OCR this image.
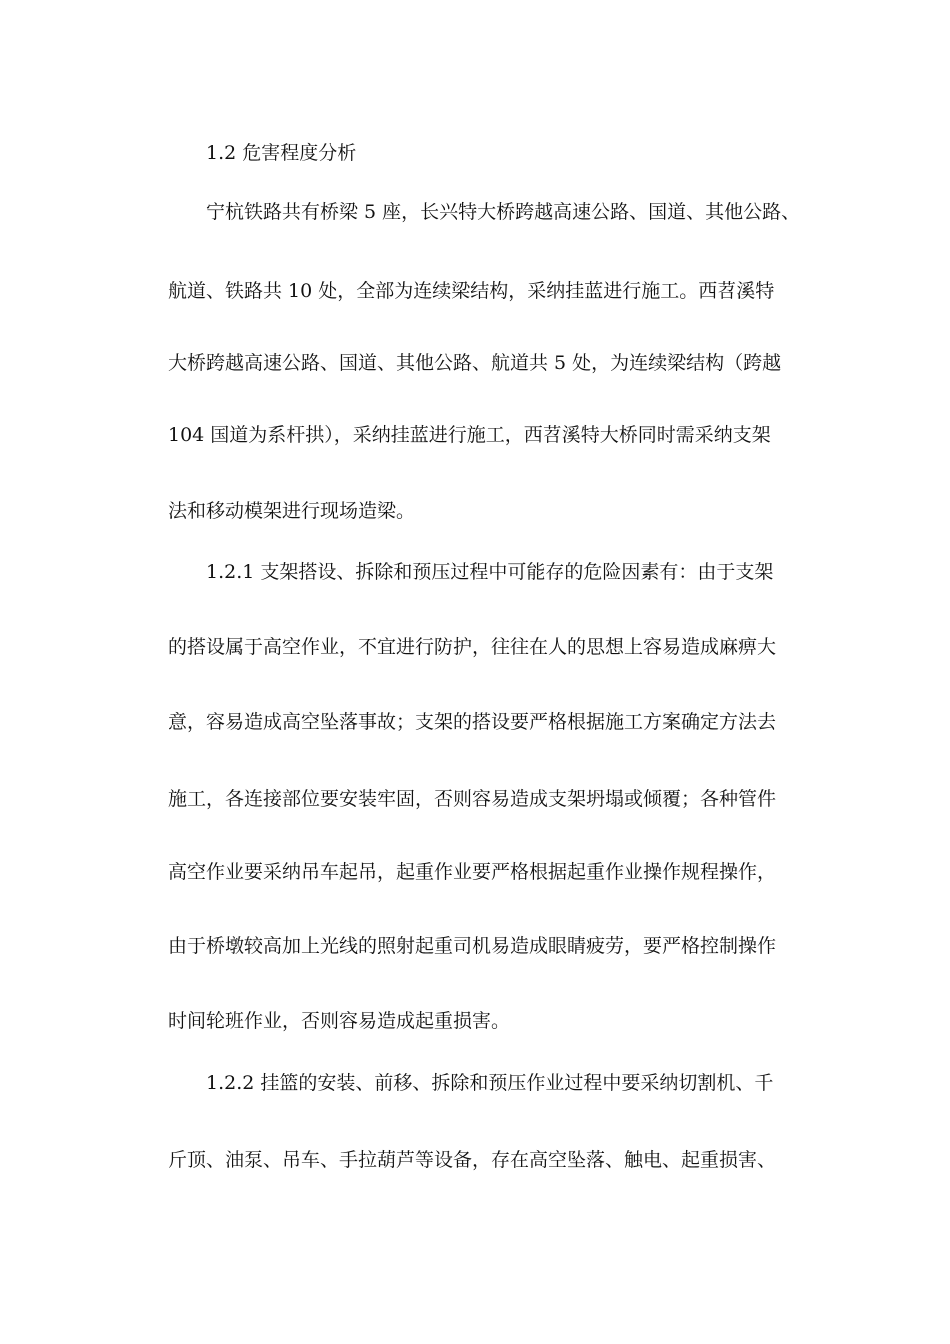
1.2 危害程度分析
宁杭铁路共有桥梁 5 座，长兴特大桥跨越高速公路、国道、其他公路、
航道、铁路共 10 处，全部为连续梁结构，采纳挂蓝进行施工。西苕溪特
大桥跨越高速公路、国道、其他公路、航道共 5 处，为连续梁结构（跨越
104 国道为系杆拱），采纳挂蓝进行施工，西苕溪特大桥同时需采纳支架
法和移动模架进行现场造梁。
1.2.1 支架搭设、拆除和预压过程中可能存的危险因素有：由于支架
的搭设属于高空作业，不宜进行防护，往往在人的思想上容易造成麻痹大
意，容易造成高空坠落事故；支架的搭设要严格根据施工方案确定方法去
施工，各连接部位要安装牢固，否则容易造成支架坍塌或倾覆；各种管件
高空作业要采纳吊车起吊，起重作业要严格根据起重作业操作规程操作，
由于桥墩较高加上光线的照射起重司机易造成眼睛疲劳，要严格控制操作
时间轮班作业，否则容易造成起重损害。
1.2.2 挂篮的安装、前移、拆除和预压作业过程中要采纳切割机、千
斤顶、油泵、吊车、手拉葫芦等设备，存在高空坠落、触电、起重损害、
